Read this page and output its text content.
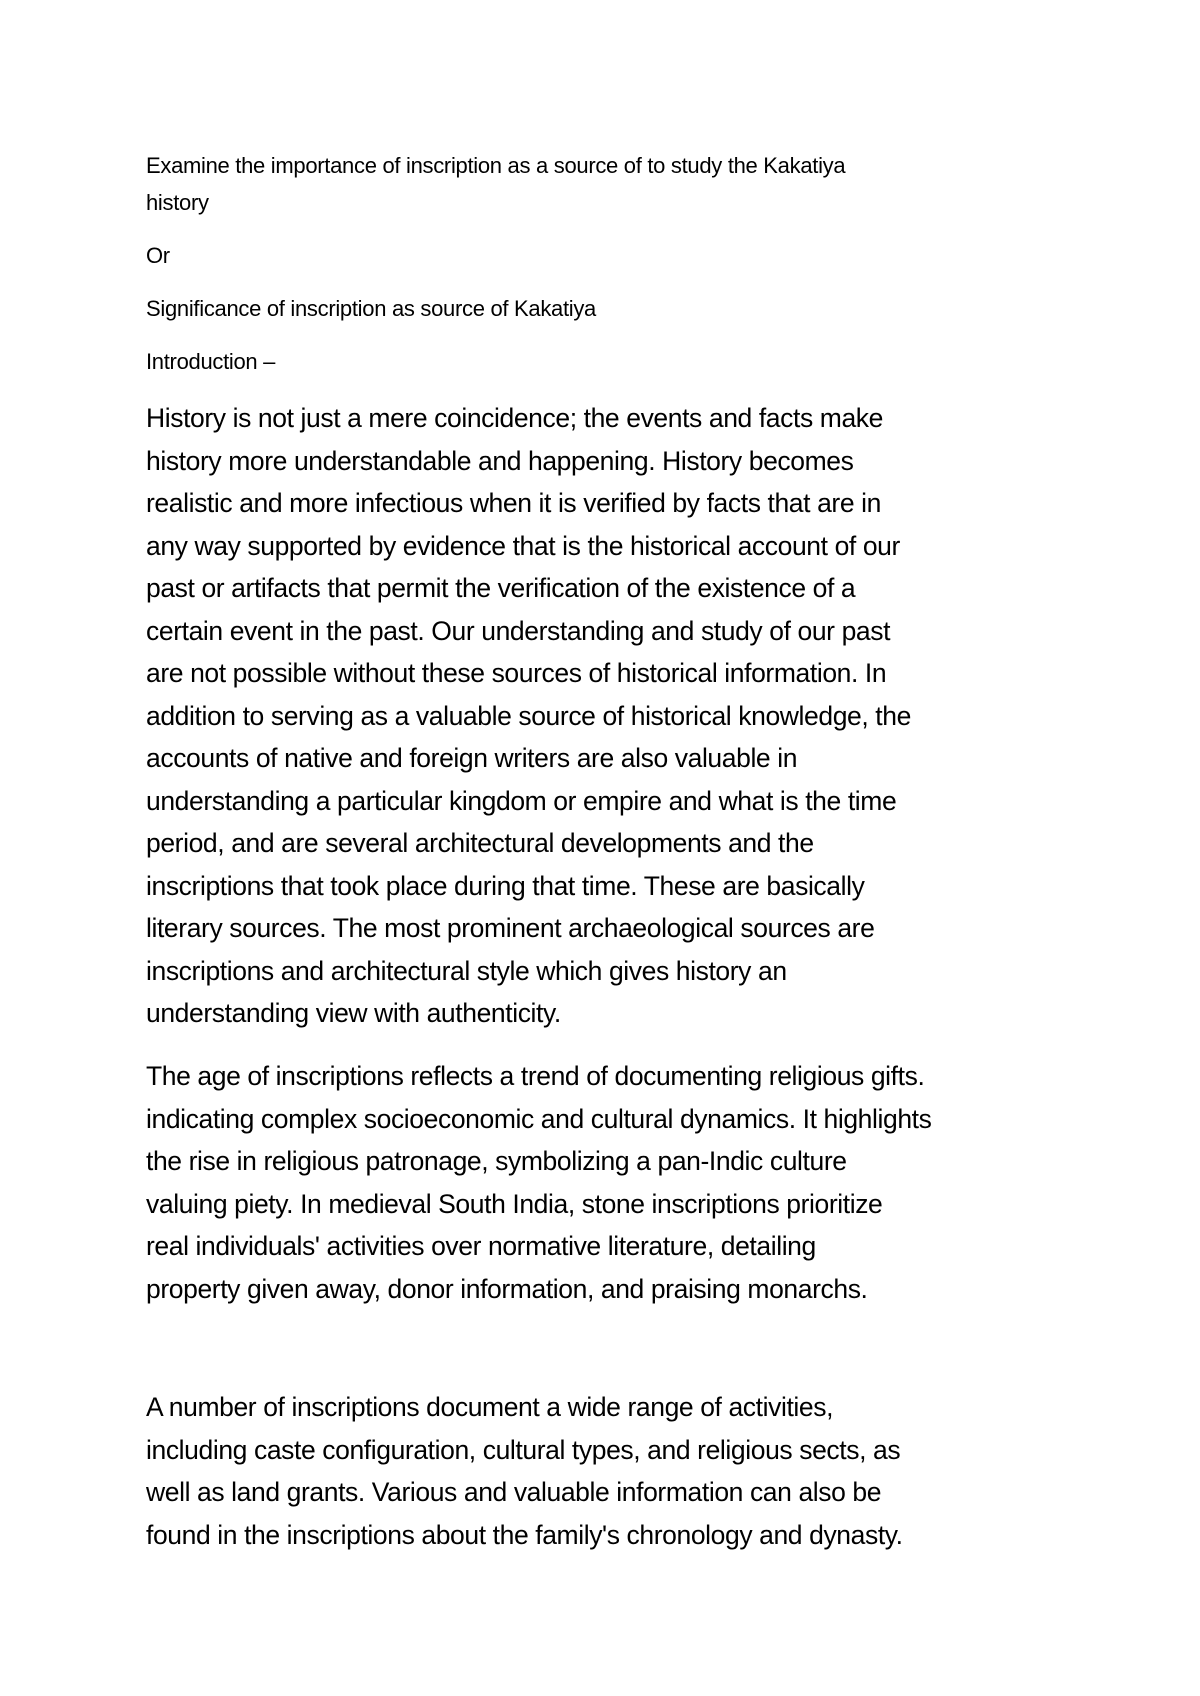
Examine the importance of inscription as a source of to study the Kakatiya
history
Or
Significance of inscription as source of Kakatiya
Introduction –
History is not just a mere coincidence; the events and facts make
history more understandable and happening. History becomes
realistic and more infectious when it is verified by facts that are in
any way supported by evidence that is the historical account of our
past or artifacts that permit the verification of the existence of a
certain event in the past. Our understanding and study of our past
are not possible without these sources of historical information. In
addition to serving as a valuable source of historical knowledge, the
accounts of native and foreign writers are also valuable in
understanding a particular kingdom or empire and what is the time
period, and are several architectural developments and the
inscriptions that took place during that time. These are basically
literary sources. The most prominent archaeological sources are
inscriptions and architectural style which gives history an
understanding view with authenticity.
The age of inscriptions reflects a trend of documenting religious gifts.
indicating complex socioeconomic and cultural dynamics. It highlights
the rise in religious patronage, symbolizing a pan-Indic culture
valuing piety. In medieval South India, stone inscriptions prioritize
real individuals' activities over normative literature, detailing
property given away, donor information, and praising monarchs.
A number of inscriptions document a wide range of activities,
including caste configuration, cultural types, and religious sects, as
well as land grants. Various and valuable information can also be
found in the inscriptions about the family's chronology and dynasty.
